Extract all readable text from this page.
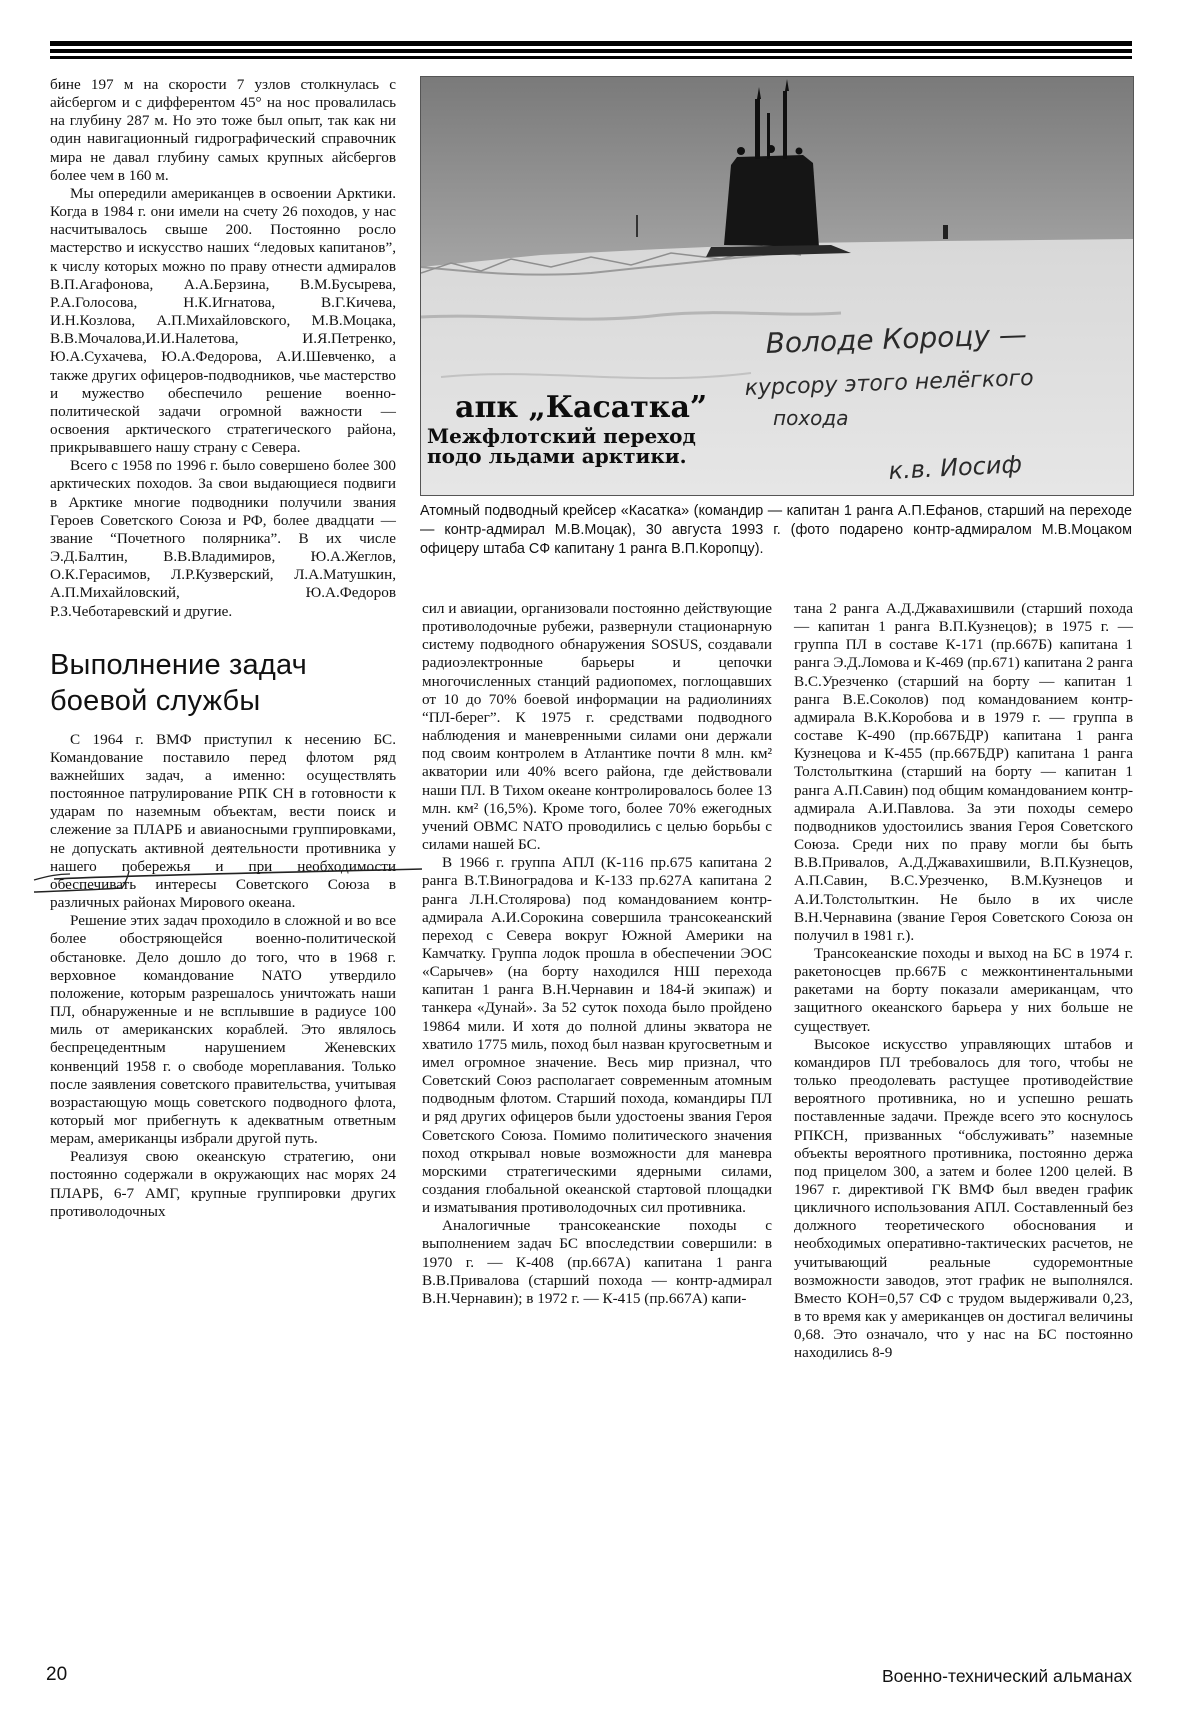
бине 197 м на скорости 7 узлов столкнулась с айсбергом и с дифферентом 45° на нос провалилась на глубину 287 м. Но это тоже был опыт, так как ни один навигационный гидрографический справочник мира не давал глубину самых крупных айсбергов более чем в 160 м.

Мы опередили американцев в освоении Арктики. Когда в 1984 г. они имели на счету 26 походов, у нас насчитывалось свыше 200. Постоянно росло мастерство и искусство наших “ледовых капитанов”, к числу которых можно по праву отнести адмиралов В.П.Агафонова, А.А.Берзина, В.М.Бусырева, Р.А.Голосова, Н.К.Игнатова, В.Г.Кичева, И.Н.Козлова, А.П.Михайловского, М.В.Моцака, В.В.Мочалова,И.И.Налетова, И.Я.Петренко, Ю.А.Сухачева, Ю.А.Федорова, А.И.Шевченко, а также других офицеров-подводников, чье мастерство и мужество обеспечило решение военно-политической задачи огромной важности — освоения арктического стратегического района, прикрывавшего нашу страну с Севера.

Всего с 1958 по 1996 г. было совершено более 300 арктических походов. За свои выдающиеся подвиги в Арктике многие подводники получили звания Героев Советского Союза и РФ, более двадцати — звание “Почетного полярника”. В их числе Э.Д.Балтин, В.В.Владимиров, Ю.А.Жеглов, О.К.Герасимов, Л.Р.Кузверский, Л.А.Матушкин, А.П.Михайловский, Ю.А.Федоров Р.З.Чеботаревский и другие.

Выполнение задач боевой службы

С 1964 г. ВМФ приступил к несению БС. Командование поставило перед флотом ряд важнейших задач, а именно: осуществлять постоянное патрулирование РПК СН в готовности к ударам по наземным объектам, вести поиск и слежение за ПЛАРБ и авианосными группировками, не допускать активной деятельности противника у нашего побережья и при необходимости обеспечивать интересы Советского Союза в различных районах Мирового океана.

Решение этих задач проходило в сложной и во все более обостряющейся военно-политической обстановке. Дело дошло до того, что в 1968 г. верховное командование NATO утвердило положение, которым разрешалось уничтожать наши ПЛ, обнаруженные и не всплывшие в радиусе 100 миль от американских кораблей. Это являлось беспрецедентным нарушением Женевских конвенций 1958 г. о свободе мореплавания. Только после заявления советского правительства, учитывая возрастающую мощь советского подводного флота, который мог прибегнуть к адекватным ответным мерам, американцы избрали другой путь.

Реализуя свою океанскую стратегию, они постоянно содержали в окружающих нас морях 24 ПЛАРБ, 6-7 АМГ, крупные группировки других противолодочных

апк „Касатка”
Межфлотский переход
подо льдами арктики.
Володе Короцу —
курсору этого нелёгкого
похода
к.в. Иосиф
Атомный подводный крейсер «Касатка» (командир — капитан 1 ранга А.П.Ефанов, старший на переходе — контр-адмирал М.В.Моцак), 30 августа 1993 г. (фото подарено контр-адмиралом М.В.Моцаком офицеру штаба СФ капитану 1 ранга В.П.Коропцу).

сил и авиации, организовали постоянно действующие противолодочные рубежи, развернули стационарную систему подводного обнаружения SOSUS, создавали радиоэлектронные барьеры и цепочки многочисленных станций радиопомех, поглощавших от 10 до 70% боевой информации на радиолиниях “ПЛ-берег”. К 1975 г. средствами подводного наблюдения и маневренными силами они держали под своим контролем в Атлантике почти 8 млн. км² акватории или 40% всего района, где действовали наши ПЛ. В Тихом океане контролировалось более 13 млн. км² (16,5%). Кроме того, более 70% ежегодных учений ОВМС NATO проводились с целью борьбы с силами нашей БС.

В 1966 г. группа АПЛ (К-116 пр.675 капитана 2 ранга В.Т.Виноградова и К-133 пр.627А капитана 2 ранга Л.Н.Столярова) под командованием контр-адмирала А.И.Сорокина совершила трансокеанский переход с Севера вокруг Южной Америки на Камчатку. Группа лодок прошла в обеспечении ЭОС «Сарычев» (на борту находился НШ перехода капитан 1 ранга В.Н.Чернавин и 184-й экипаж) и танкера «Дунай». За 52 суток похода было пройдено 19864 мили. И хотя до полной длины экватора не хватило 1775 миль, поход был назван кругосветным и имел огромное значение. Весь мир признал, что Советский Союз располагает современным атомным подводным флотом. Старший похода, командиры ПЛ и ряд других офицеров были удостоены звания Героя Советского Союза. Помимо политического значения поход открывал новые возможности для маневра морскими стратегическими ядерными силами, создания глобальной океанской стартовой площадки и изматывания противолодочных сил противника.

Аналогичные трансокеанские походы с выполнением задач БС впоследствии совершили: в 1970 г. — К-408 (пр.667А) капитана 1 ранга В.В.Привалова (старший похода — контр-адмирал В.Н.Чернавин); в 1972 г. — К-415 (пр.667А) капи-

тана 2 ранга А.Д.Джавахишвили (старший похода — капитан 1 ранга В.П.Кузнецов); в 1975 г. — группа ПЛ в составе К-171 (пр.667Б) капитана 1 ранга Э.Д.Ломова и К-469 (пр.671) капитана 2 ранга В.С.Урезченко (старший на борту — капитан 1 ранга В.Е.Соколов) под командованием контр-адмирала В.К.Коробова и в 1979 г. — группа в составе К-490 (пр.667БДР) капитана 1 ранга Кузнецова и К-455 (пр.667БДР) капитана 1 ранга Толстолыткина (старший на борту — капитан 1 ранга А.П.Савин) под общим командованием контр-адмирала А.И.Павлова. За эти походы семеро подводников удостоились звания Героя Советского Союза. Среди них по праву могли бы быть В.В.Привалов, А.Д.Джавахишвили, В.П.Кузнецов, А.П.Савин, В.С.Урезченко, В.М.Кузнецов и А.И.Толстолыткин. Не было в их числе В.Н.Чернавина (звание Героя Советского Союза он получил в 1981 г.).

Трансокеанские походы и выход на БС в 1974 г. ракетоносцев пр.667Б с межконтинентальными ракетами на борту показали американцам, что защитного океанского барьера у них больше не существует.

Высокое искусство управляющих штабов и командиров ПЛ требовалось для того, чтобы не только преодолевать растущее противодействие вероятного противника, но и успешно решать поставленные задачи. Прежде всего это коснулось РПКСН, призванных “обслуживать” наземные объекты вероятного противника, постоянно держа под прицелом 300, а затем и более 1200 целей. В 1967 г. директивой ГК ВМФ был введен график цикличного использования АПЛ. Составленный без должного теоретического обоснования и необходимых оперативно-тактических расчетов, не учитывающий реальные судоремонтные возможности заводов, этот график не выполнялся. Вместо КОН=0,57 СФ с трудом выдерживали 0,23, в то время как у американцев он достигал величины 0,68. Это означало, что у нас на БС постоянно находились 8-9

20	Военно-технический альманах
